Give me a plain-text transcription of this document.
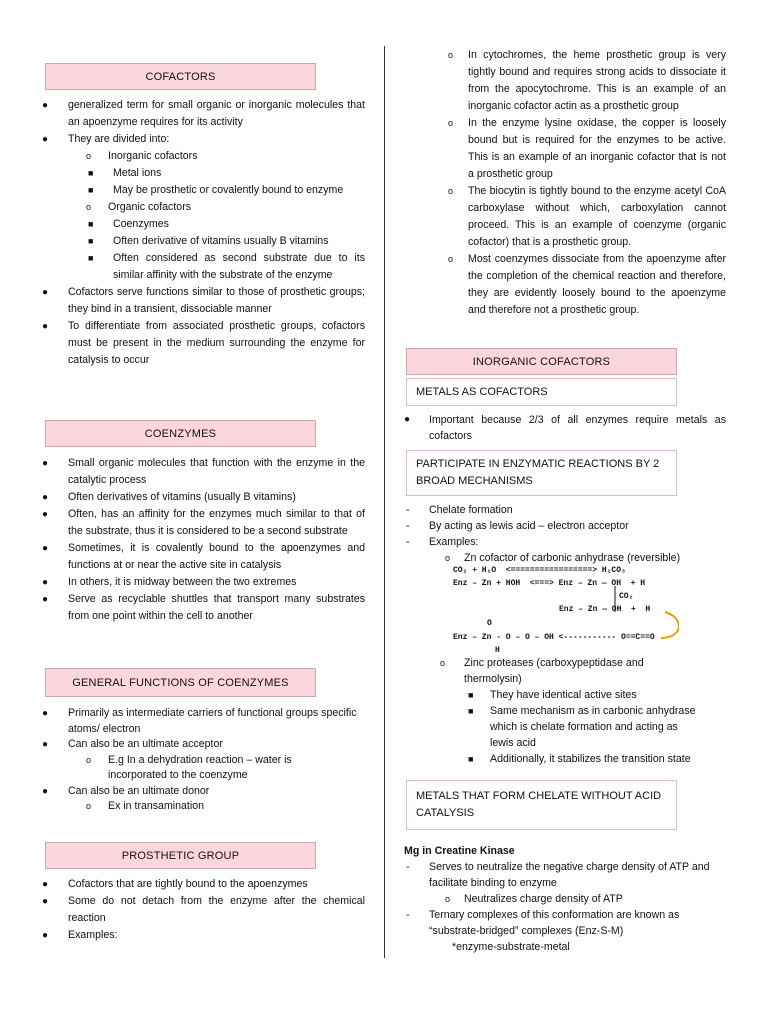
COFACTORS
● generalized term for small organic or inorganic molecules that an apoenzyme requires for its activity
● They are divided into:
o Inorganic cofactors
■ Metal ions
■ May be prosthetic or covalently bound to enzyme
o Organic cofactors
■ Coenzymes
■ Often derivative of vitamins usually B vitamins
■ Often considered as second substrate due to its similar affinity with the substrate of the enzyme
● Cofactors serve functions similar to those of prosthetic groups; they bind in a transient, dissociable manner
● To differentiate from associated prosthetic groups, cofactors must be present in the medium surrounding the enzyme for catalysis to occur
COENZYMES
● Small organic molecules that function with the enzyme in the catalytic process
● Often derivatives of vitamins (usually B vitamins)
● Often, has an affinity for the enzymes much similar to that of the substrate, thus it is considered to be a second substrate
● Sometimes, it is covalently bound to the apoenzymes and functions at or near the active site in catalysis
● In others, it is midway between the two extremes
● Serve as recyclable shuttles that transport many substrates from one point within the cell to another
GENERAL FUNCTIONS OF COENZYMES
● Primarily as intermediate carriers of functional groups specific atoms/ electron
● Can also be an ultimate acceptor
o E.g In a dehydration reaction – water is incorporated to the coenzyme
● Can also be an ultimate donor
o Ex in transamination
PROSTHETIC GROUP
● Cofactors that are tightly bound to the apoenzymes
● Some do not detach from the enzyme after the chemical reaction
● Examples:
o In cytochromes, the heme prosthetic group is very tightly bound and requires strong acids to dissociate it from the apocytochrome. This is an example of an inorganic cofactor actin as a prosthetic group
o In the enzyme lysine oxidase, the copper is loosely bound but is required for the enzymes to be active. This is an example of an inorganic cofactor that is not a prosthetic group
o The biocytin is tightly bound to the enzyme acetyl CoA carboxylase without which, carboxylation cannot proceed. This is an example of coenzyme (organic cofactor) that is a prosthetic group.
o Most coenzymes dissociate from the apoenzyme after the completion of the chemical reaction and therefore, they are evidently loosely bound to the apoenzyme and therefore not a prosthetic group.
INORGANIC COFACTORS
METALS AS COFACTORS
● Important because 2/3 of all enzymes require metals as cofactors
PARTICIPATE IN ENZYMATIC REACTIONS BY 2 BROAD MECHANISMS
- Chelate formation
- By acting as lewis acid – electron acceptor
- Examples:
o Zn cofactor of carbonic anhydrase (reversible)
CO₂ + H₂O  <=================> H₂CO₃
Enz – Zn + HOH  <===> Enz – Zn — OH  + H
CO₂
Enz – Zn — OH  +  H
O
Enz – Zn - O – O – OH <----------- O==C==O
H
o Zinc proteases (carboxypeptidase and thermolysin)
■ They have identical active sites
■ Same mechanism as in carbonic anhydrase which is chelate formation and acting as lewis acid
■ Additionally, it stabilizes the transition state
METALS THAT FORM CHELATE WITHOUT ACID CATALYSIS
Mg in Creatine Kinase
- Serves to neutralize the negative charge density of ATP and facilitate binding to enzyme
o Neutralizes charge density of ATP
- Ternary complexes of this conformation are known as “substrate-bridged” complexes (Enz-S-M)
*enzyme-substrate-metal
